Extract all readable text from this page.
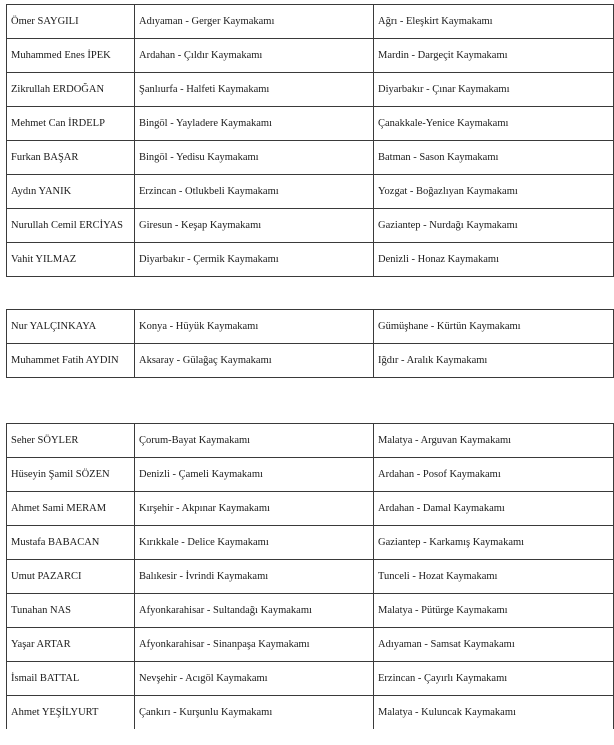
Ömer SAYGILI	Adıyaman - Gerger Kaymakamı	Ağrı - Eleşkirt Kaymakamı
Muhammed Enes İPEK	Ardahan - Çıldır Kaymakamı	Mardin - Dargeçit Kaymakamı
Zikrullah ERDOĞAN	Şanlıurfa - Halfeti Kaymakamı	Diyarbakır - Çınar Kaymakamı
Mehmet Can İRDELP	Bingöl - Yayladere Kaymakamı	Çanakkale-Yenice Kaymakamı
Furkan BAŞAR	Bingöl - Yedisu Kaymakamı	Batman - Sason Kaymakamı
Aydın YANIK	Erzincan - Otlukbeli Kaymakamı	Yozgat - Boğazlıyan Kaymakamı
Nurullah Cemil ERCİYAS	Giresun - Keşap Kaymakamı	Gaziantep - Nurdağı Kaymakamı
Vahit YILMAZ	Diyarbakır - Çermik Kaymakamı	Denizli - Honaz Kaymakamı
Nur YALÇINKAYA	Konya - Hüyük Kaymakamı	Gümüşhane - Kürtün Kaymakamı
Muhammet Fatih AYDIN	Aksaray - Gülağaç Kaymakamı	Iğdır - Aralık Kaymakamı
Seher SÖYLER	Çorum-Bayat Kaymakamı	Malatya - Arguvan Kaymakamı
Hüseyin Şamil SÖZEN	Denizli - Çameli Kaymakamı	Ardahan - Posof Kaymakamı
Ahmet Sami MERAM	Kırşehir - Akpınar Kaymakamı	Ardahan - Damal Kaymakamı
Mustafa BABACAN	Kırıkkale - Delice Kaymakamı	Gaziantep - Karkamış Kaymakamı
Umut PAZARCI	Balıkesir - İvrindi Kaymakamı	Tunceli - Hozat Kaymakamı
Tunahan NAS	Afyonkarahisar - Sultandağı Kaymakamı	Malatya - Pütürge Kaymakamı
Yaşar ARTAR	Afyonkarahisar - Sinanpaşa Kaymakamı	Adıyaman - Samsat Kaymakamı
İsmail BATTAL	Nevşehir - Acıgöl Kaymakamı	Erzincan - Çayırlı Kaymakamı
Ahmet YEŞİLYURT	Çankırı - Kurşunlu Kaymakamı	Malatya - Kuluncak Kaymakamı
